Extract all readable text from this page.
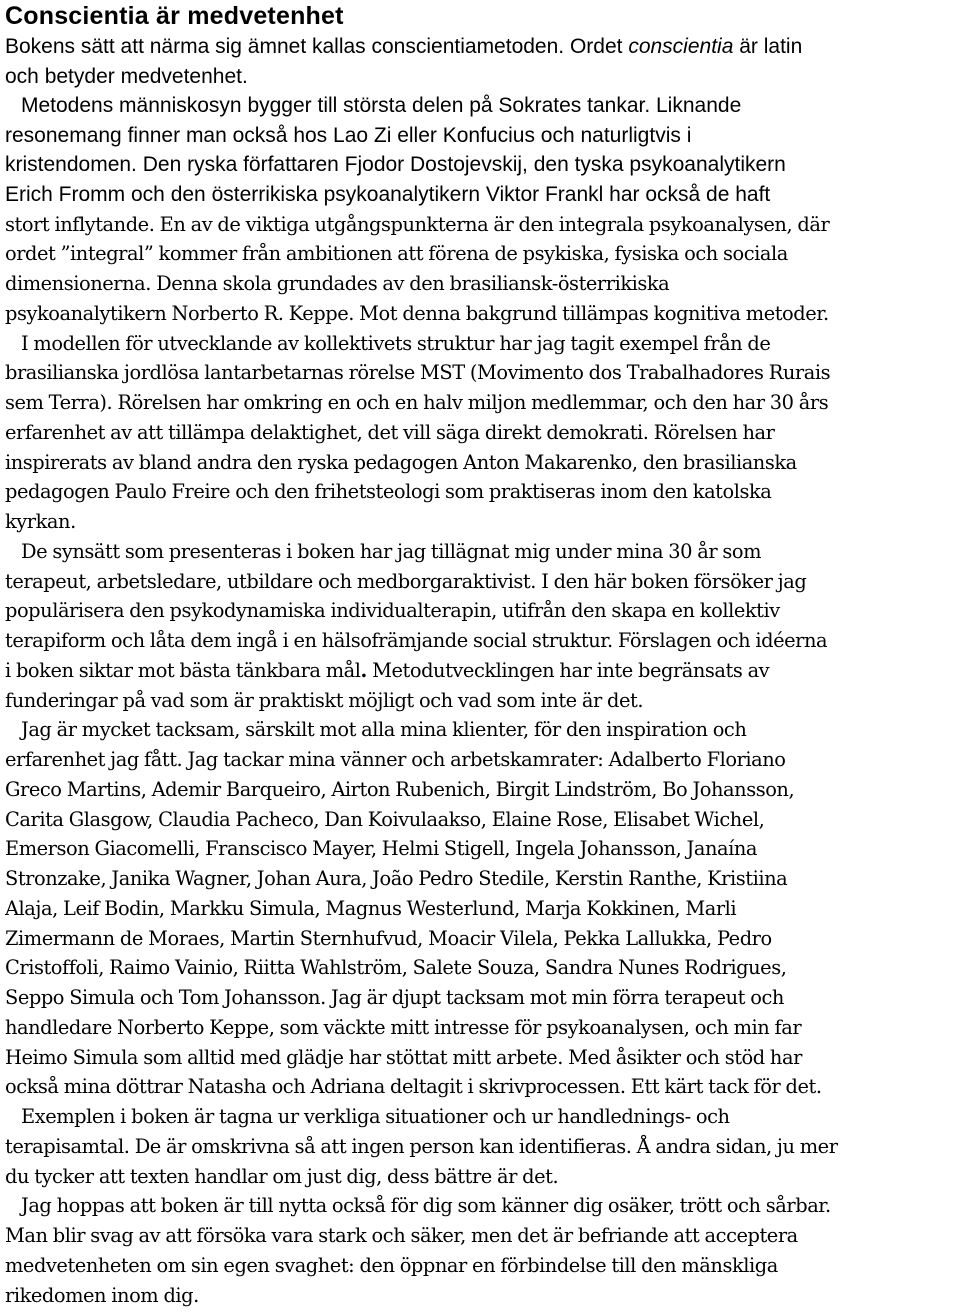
Conscientia är medvetenhet
Bokens sätt att närma sig ämnet kallas conscientiametoden. Ordet conscientia är latin
och betyder medvetenhet.
Metodens människosyn bygger till största delen på Sokrates tankar. Liknande
resonemang finner man också hos Lao Zi eller Konfucius och naturligtvis i
kristendomen. Den ryska författaren Fjodor Dostojevskij, den tyska psykoanalytikern
Erich Fromm och den österrikiska psykoanalytikern Viktor Frankl har också de haft
stort inflytande. En av de viktiga utgångspunkterna är den integrala psykoanalysen, där
ordet ”integral” kommer från ambitionen att förena de psykiska, fysiska och sociala
dimensionerna. Denna skola grundades av den brasiliansk-österrikiska
psykoanalytikern Norberto R. Keppe. Mot denna bakgrund tillämpas kognitiva metoder.
I modellen för utvecklande av kollektivets struktur har jag tagit exempel från de
brasilianska jordlösa lantarbetarnas rörelse MST (Movimento dos Trabalhadores Rurais
sem Terra). Rörelsen har omkring en och en halv miljon medlemmar, och den har 30 års
erfarenhet av att tillämpa delaktighet, det vill säga direkt demokrati. Rörelsen har
inspirerats av bland andra den ryska pedagogen Anton Makarenko, den brasilianska
pedagogen Paulo Freire och den frihetsteologi som praktiseras inom den katolska
kyrkan.
De synsätt som presenteras i boken har jag tillägnat mig under mina 30 år som
terapeut, arbetsledare, utbildare och medborgaraktivist. I den här boken försöker jag
populärisera den psykodynamiska individualterapin, utifrån den skapa en kollektiv
terapiform och låta dem ingå i en hälsofrämjande social struktur. Förslagen och idéerna
i boken siktar mot bästa tänkbara mål. Metodutvecklingen har inte begränsats av
funderingar på vad som är praktiskt möjligt och vad som inte är det.
Jag är mycket tacksam, särskilt mot alla mina klienter, för den inspiration och
erfarenhet jag fått. Jag tackar mina vänner och arbetskamrater: Adalberto Floriano
Greco Martins, Ademir Barqueiro, Airton Rubenich, Birgit Lindström, Bo Johansson,
Carita Glasgow, Claudia Pacheco, Dan Koivulaakso, Elaine Rose, Elisabet Wichel,
Emerson Giacomelli, Franscisco Mayer, Helmi Stigell, Ingela Johansson, Janaína
Stronzake, Janika Wagner, Johan Aura, João Pedro Stedile, Kerstin Ranthe, Kristiina
Alaja, Leif Bodin, Markku Simula, Magnus Westerlund, Marja Kokkinen, Marli
Zimermann de Moraes, Martin Sternhufvud, Moacir Vilela, Pekka Lallukka, Pedro
Cristoffoli, Raimo Vainio, Riitta Wahlström, Salete Souza, Sandra Nunes Rodrigues,
Seppo Simula och Tom Johansson. Jag är djupt tacksam mot min förra terapeut och
handledare Norberto Keppe, som väckte mitt intresse för psykoanalysen, och min far
Heimo Simula som alltid med glädje har stöttat mitt arbete. Med åsikter och stöd har
också mina döttrar Natasha och Adriana deltagit i skrivprocessen. Ett kärt tack för det.
Exemplen i boken är tagna ur verkliga situationer och ur handlednings- och
terapisamtal. De är omskrivna så att ingen person kan identifieras. Å andra sidan, ju mer
du tycker att texten handlar om just dig, dess bättre är det.
Jag hoppas att boken är till nytta också för dig som känner dig osäker, trött och sårbar.
Man blir svag av att försöka vara stark och säker, men det är befriande att acceptera
medvetenheten om sin egen svaghet: den öppnar en förbindelse till den mänskliga
rikedomen inom dig.
